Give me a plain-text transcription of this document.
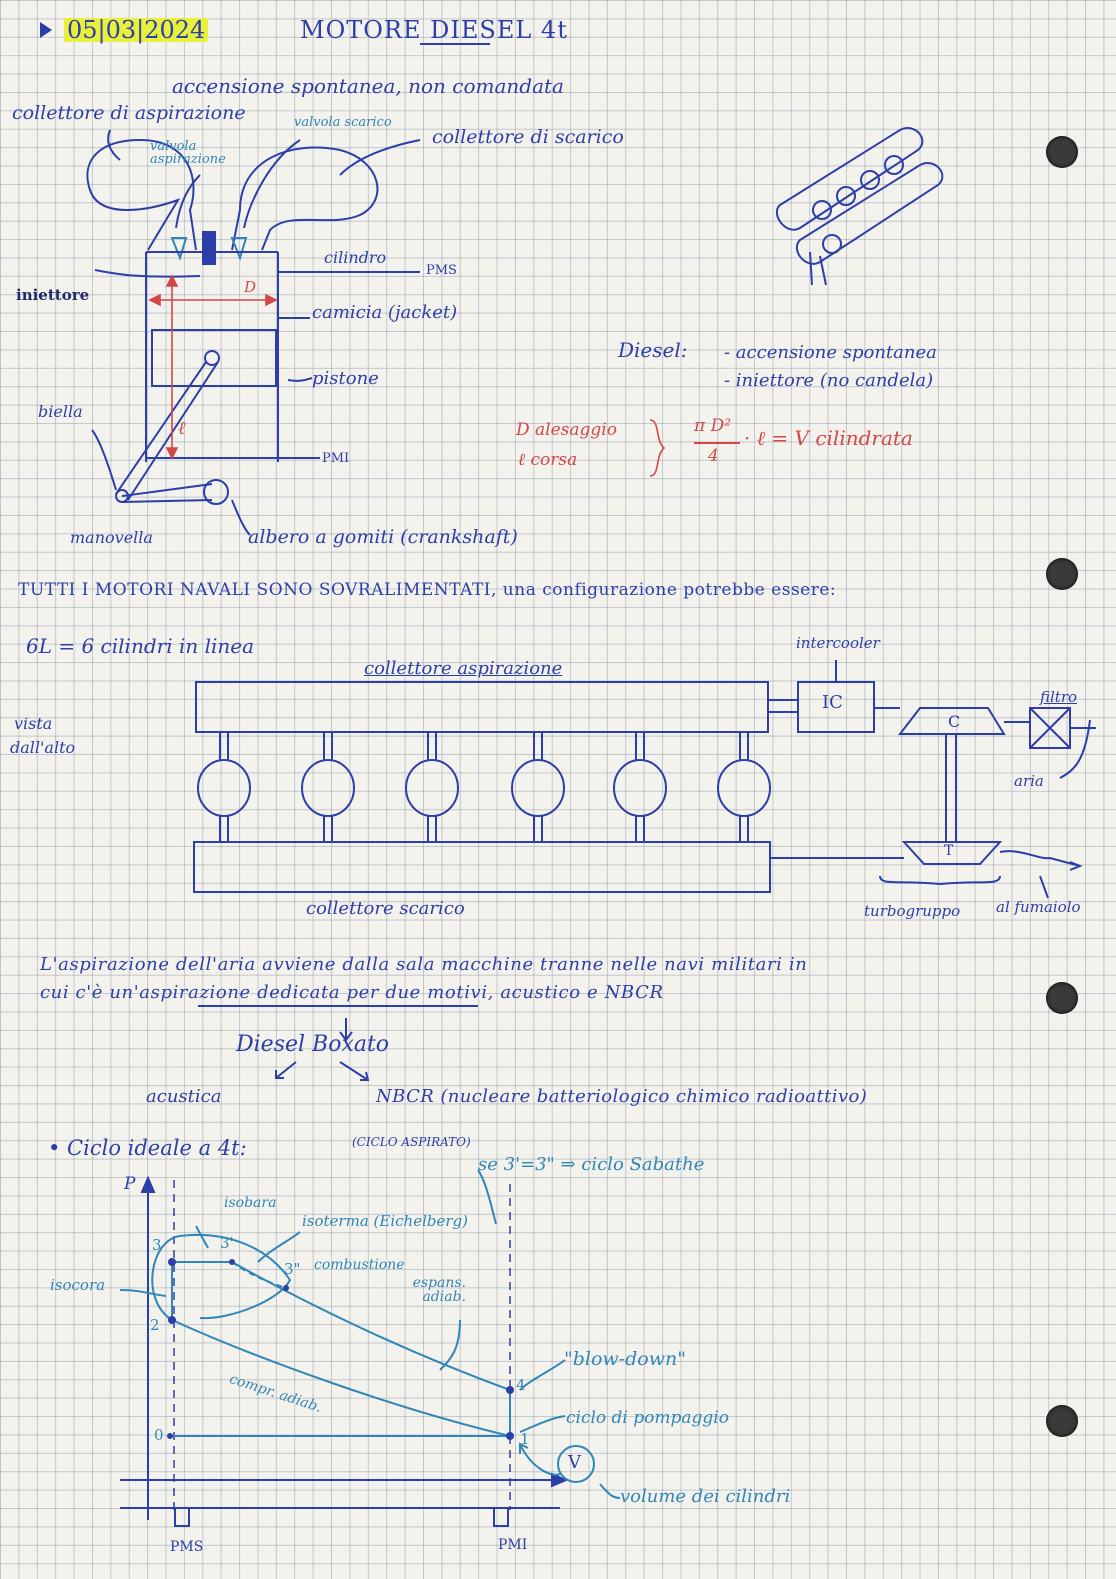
05|03|2024	MOTORE DIESEL 4t
accensione spontanea, non comandata
collettore di aspirazione
valvola aspirazione
valvola scarico
collettore di scarico
iniettore
cilindro
PMS
camicia (jacket)
pistone
biella
PMI
manovella	albero a gomiti (crankshaft)
D
ℓ
Diesel: - accensione spontanea
- iniettore (no candela)
D alesaggio
ℓ corsa
π D²
4
· ℓ = V cilindrata
TUTTI I MOTORI NAVALI SONO SOVRALIMENTATI, una configurazione potrebbe essere:
6L = 6 cilindri in linea	intercooler
collettore aspirazione
IC
C
T
filtro
aria
vista
dall'alto
collettore scarico	turbogruppo al fumaiolo
L'aspirazione dell'aria avviene dalla sala macchine tranne nelle navi militari in
cui c'è un'aspirazione dedicata per due motivi, acustico e NBCR
Diesel Boxato
acustica	NBCR (nucleare batteriologico chimico radioattivo)
• Ciclo ideale a 4t:	(CICLO ASPIRATO)
se 3'=3" ⇒ ciclo Sabathe
P
V
isobara
isoterma (Eichelberg)
combustione
espans. adiab.
isocora
compr. adiab.
"blow-down"
ciclo di pompaggio
volume dei cilindri
PMS	PMI
0	1
2
3	3'
3"
4
